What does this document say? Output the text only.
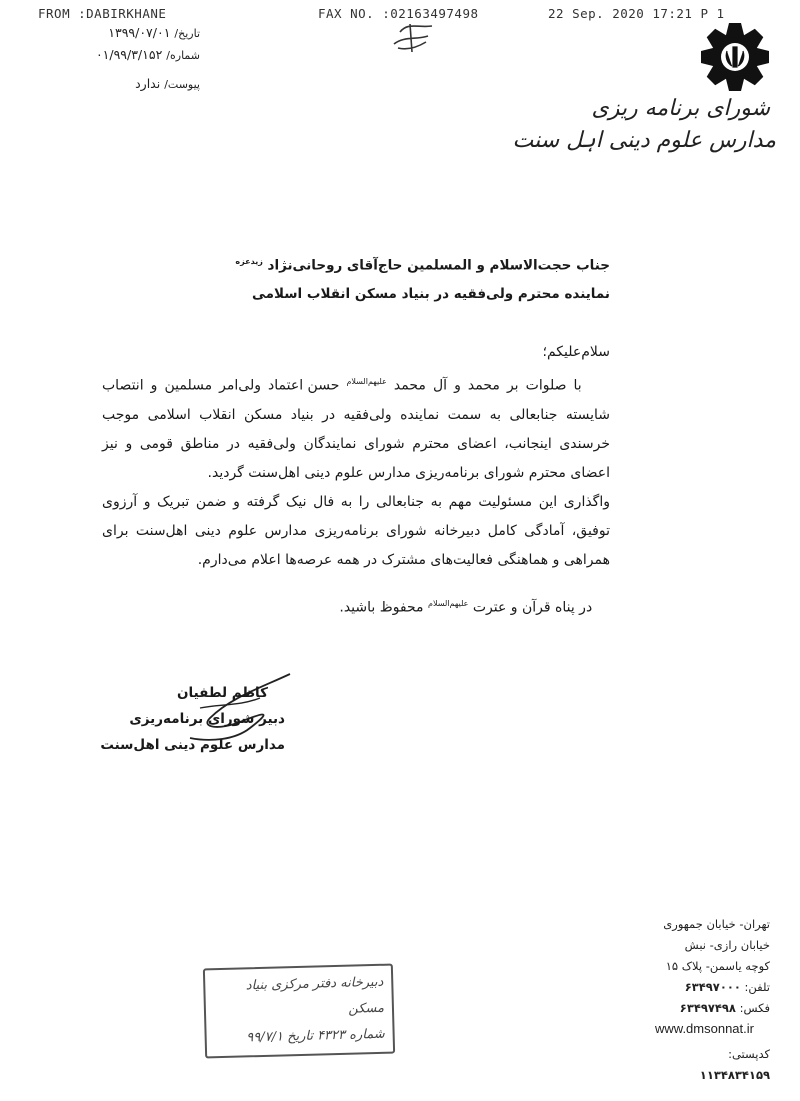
FROM :DABIRKHANE	FAX NO. :02163497498	22 Sep. 2020 17:21 P 1
تاریخ/ ۱۳۹۹/۰۷/۰۱
شماره/ ۰۱/۹۹/۳/۱۵۲
پیوست/ ندارد
شورای برنامه ریزی
مدارس علوم دینی اہل سنت
جناب حجت‌الاسلام و المسلمین حاج‌آقای روحانی‌نژاد $^{زیدعزه}$
نماینده محترم ولی‌فقیه در بنیاد مسکن انقلاب اسلامی

سلام‌علیکم؛

با صلوات بر محمد و آل محمد $^{علیهم‌السلام}$ حسن اعتماد ولی‌امر مسلمین و انتصاب شایسته جنابعالی به سمت نماینده ولی‌فقیه در بنیاد مسکن انقلاب اسلامی موجب خرسندی اینجانب، اعضای محترم شورای نمایندگان ولی‌فقیه در مناطق قومی و نیز اعضای محترم شورای برنامه‌ریزی مدارس علوم دینی اهل‌سنت گردید.

واگذاری این مسئولیت مهم به جنابعالی را به فال نیک گرفته و ضمن تبریک و آرزوی توفیق، آمادگی کامل دبیرخانه شورای برنامه‌ریزی مدارس علوم دینی اهل‌سنت برای همراهی و هماهنگی فعالیت‌های مشترک در همه عرصه‌ها اعلام می‌دارم.

در پناه قرآن و عترت $^{علیهم‌السلام}$ محفوظ باشید.

کاظم لطفیان
دبیر شورای برنامه‌ریزی
مدارس علوم دینی اهل‌سنت
تهران- خیابان جمهوری
خیابان رازی- نبش
کوچه یاسمن- پلاک ۱۵
تلفن: ۶۳۴۹۷۰۰۰
فکس: ۶۳۴۹۷۴۹۸
www.dmsonnat.ir
کدپستی: ۱۱۳۴۸۳۴۱۵۹
دبیرخانه دفتر مرکزی بنیاد مسکن
شماره ۴۳۲۳ تاریخ ۹۹/۷/۱
